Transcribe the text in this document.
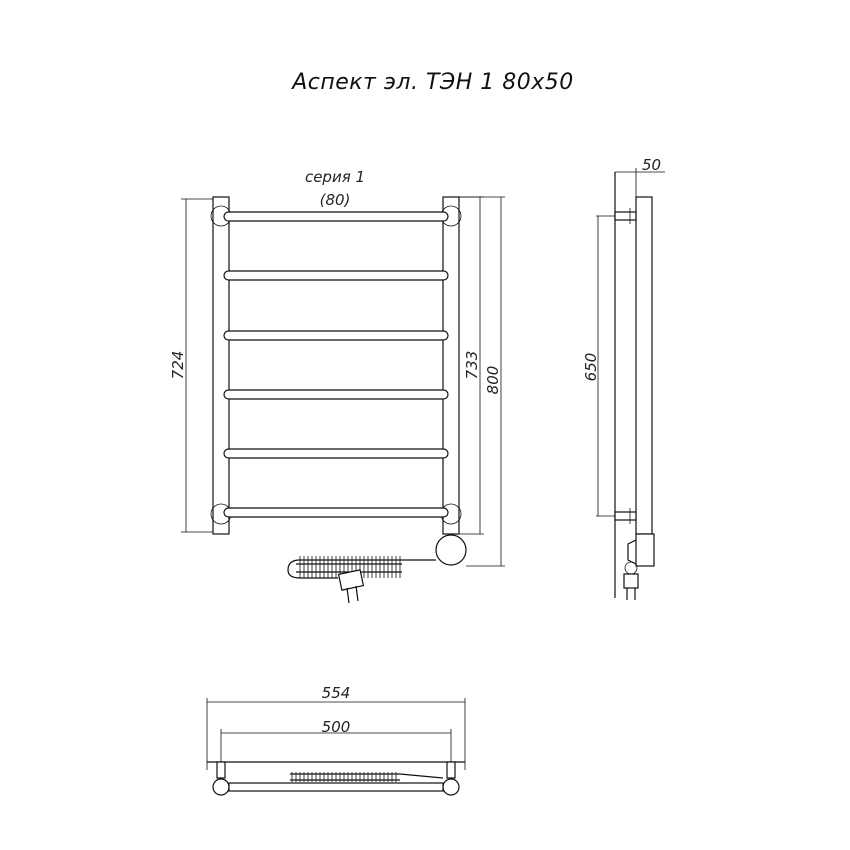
Аспект эл. ТЭН 1 80х50
724	733
800
серия 1
(80)
50
650
554
500
